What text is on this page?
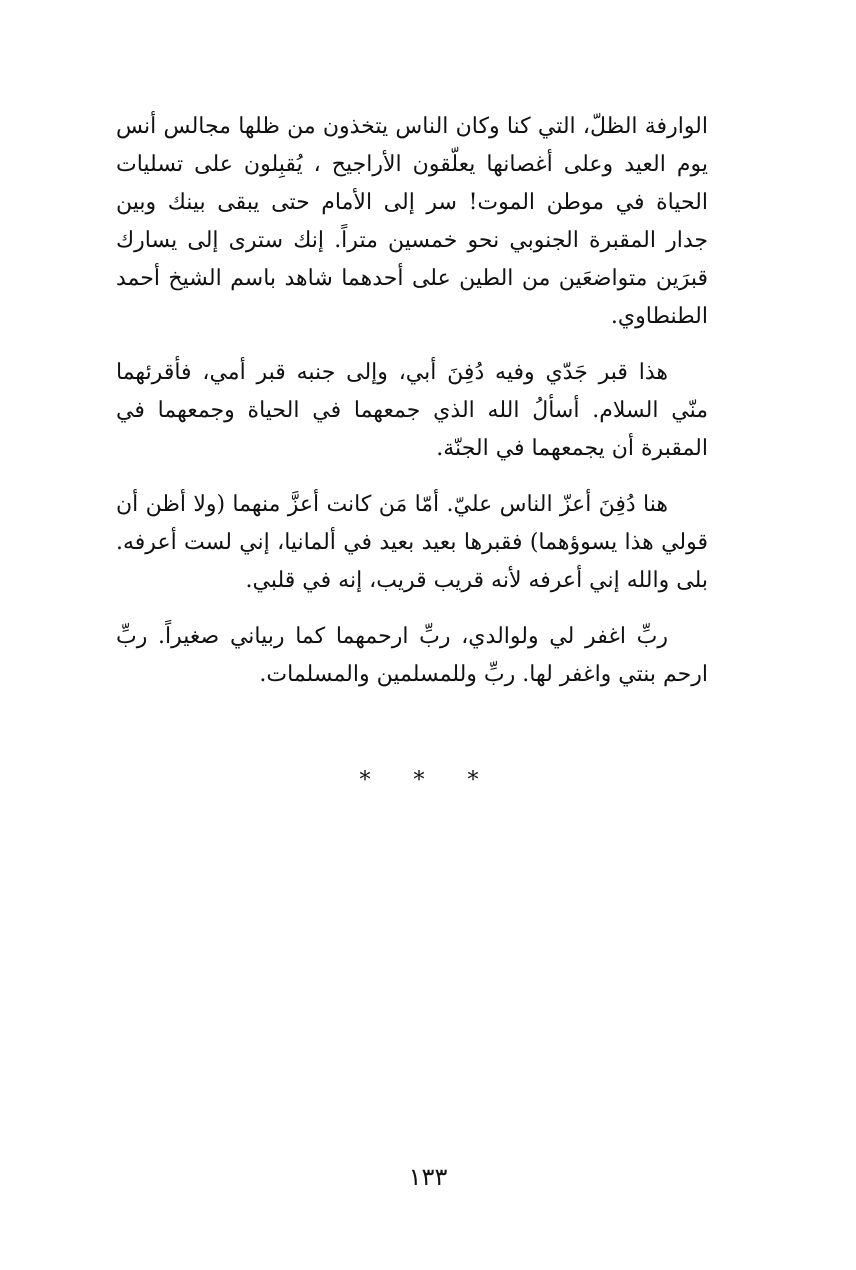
الوارفة الظلّ، التي كنا وكان الناس يتخذون من ظلها مجالس أنس يوم العيد وعلى أغصانها يعلّقون الأراجيح ، يُقبِلون على تسليات الحياة في موطن الموت! سر إلى الأمام حتى يبقى بينك وبين جدار المقبرة الجنوبي نحو خمسين متراً. إنك سترى إلى يسارك قبرَين متواضعَين من الطين على أحدهما شاهد باسم الشيخ أحمد الطنطاوي.

هذا قبر جَدّي وفيه دُفِنَ أبي، وإلى جنبه قبر أمي، فأقرئهما منّي السلام. أسألُ الله الذي جمعهما في الحياة وجمعهما في المقبرة أن يجمعهما في الجنّة.

هنا دُفِنَ أعزّ الناس عليّ. أمّا مَن كانت أعزَّ منهما (ولا أظن أن قولي هذا يسوؤهما) فقبرها بعيد بعيد في ألمانيا، إني لست أعرفه. بلى والله إني أعرفه لأنه قريب قريب، إنه في قلبي.

ربِّ اغفر لي ولوالدي، ربِّ ارحمهما كما ربياني صغيراً. ربِّ ارحم بنتي واغفر لها. ربِّ وللمسلمين والمسلمات.

* * *
١٣٣
